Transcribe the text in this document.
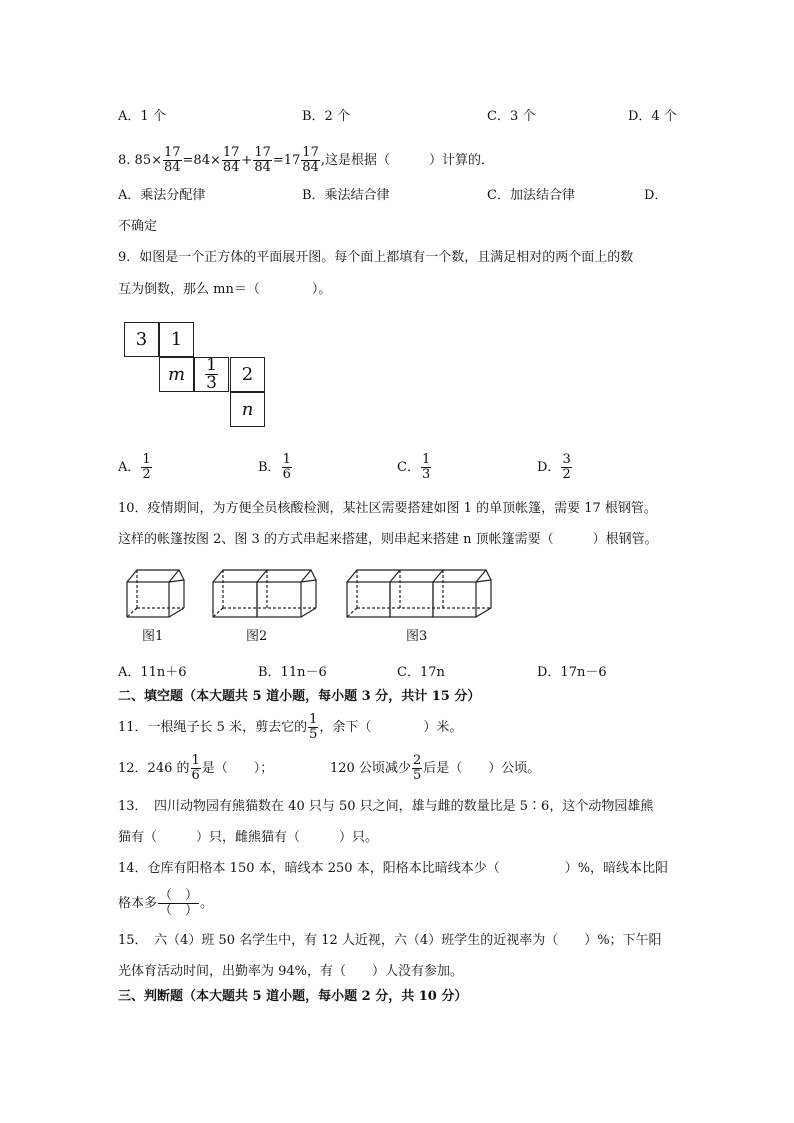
A．1 个	B．2 个	C．3 个	D．4 个
8. $85\times \frac{17}{84} =84\times \frac{17}{84} + \frac{17}{84} =17 \frac{17}{84}$ ,这是根据（　　　）计算的．
A．乘法分配律	B．乘法结合律	C．加法结合律	D．
不确定
9．如图是一个正方体的平面展开图。每个面上都填有一个数，且满足相对的两个面上的数
互为倒数，那么 mn＝（　　　　）。
3 1
m $\frac{1}{3} 2$
n
A． $\frac{1}{2}$	B． $\frac{1}{6}$	C． $\frac{1}{3}$	D． $\frac{3}{2}$
10．疫情期间，为方便全员核酸检测，某社区需要搭建如图 1 的单顶帐篷，需要 17 根钢管。
这样的帐篷按图 2、图 3 的方式串起来搭建，则串起来搭建 n 顶帐篷需要（　　　）根钢管。
图1	图2	图3
A．11n＋6	B．11n－6	C．17n	D．17n－6
二、填空题（本大题共 5 道小题，每小题 3 分，共计 15 分）
11．一根绳子长 5 米，剪去它的 $\frac{1}{5}$ ，余下（　　　　）米。
12．246 的 $\frac{1}{6}$ 是（　　）；	120 公顷减少 $\frac{2}{5}$ 后是（　　）公顷。
13．　四川动物园有熊猫数在 40 只与 50 只之间，雄与雌的数量比是 5∶6，这个动物园雄熊
猫有（　　　）只，雌熊猫有（　　　）只。
14．仓库有阳格本 150 本，暗线本 250 本，阳格本比暗线本少（　　　　　）%，暗线本比阳
格本多 $\frac{( )}{( )}$ 。
15．　六（4）班 50 名学生中，有 12 人近视，六（4）班学生的近视率为（　　）%；下午阳
光体育活动时间，出勤率为 94%，有（　　）人没有参加。
三、判断题（本大题共 5 道小题，每小题 2 分，共 10 分）
